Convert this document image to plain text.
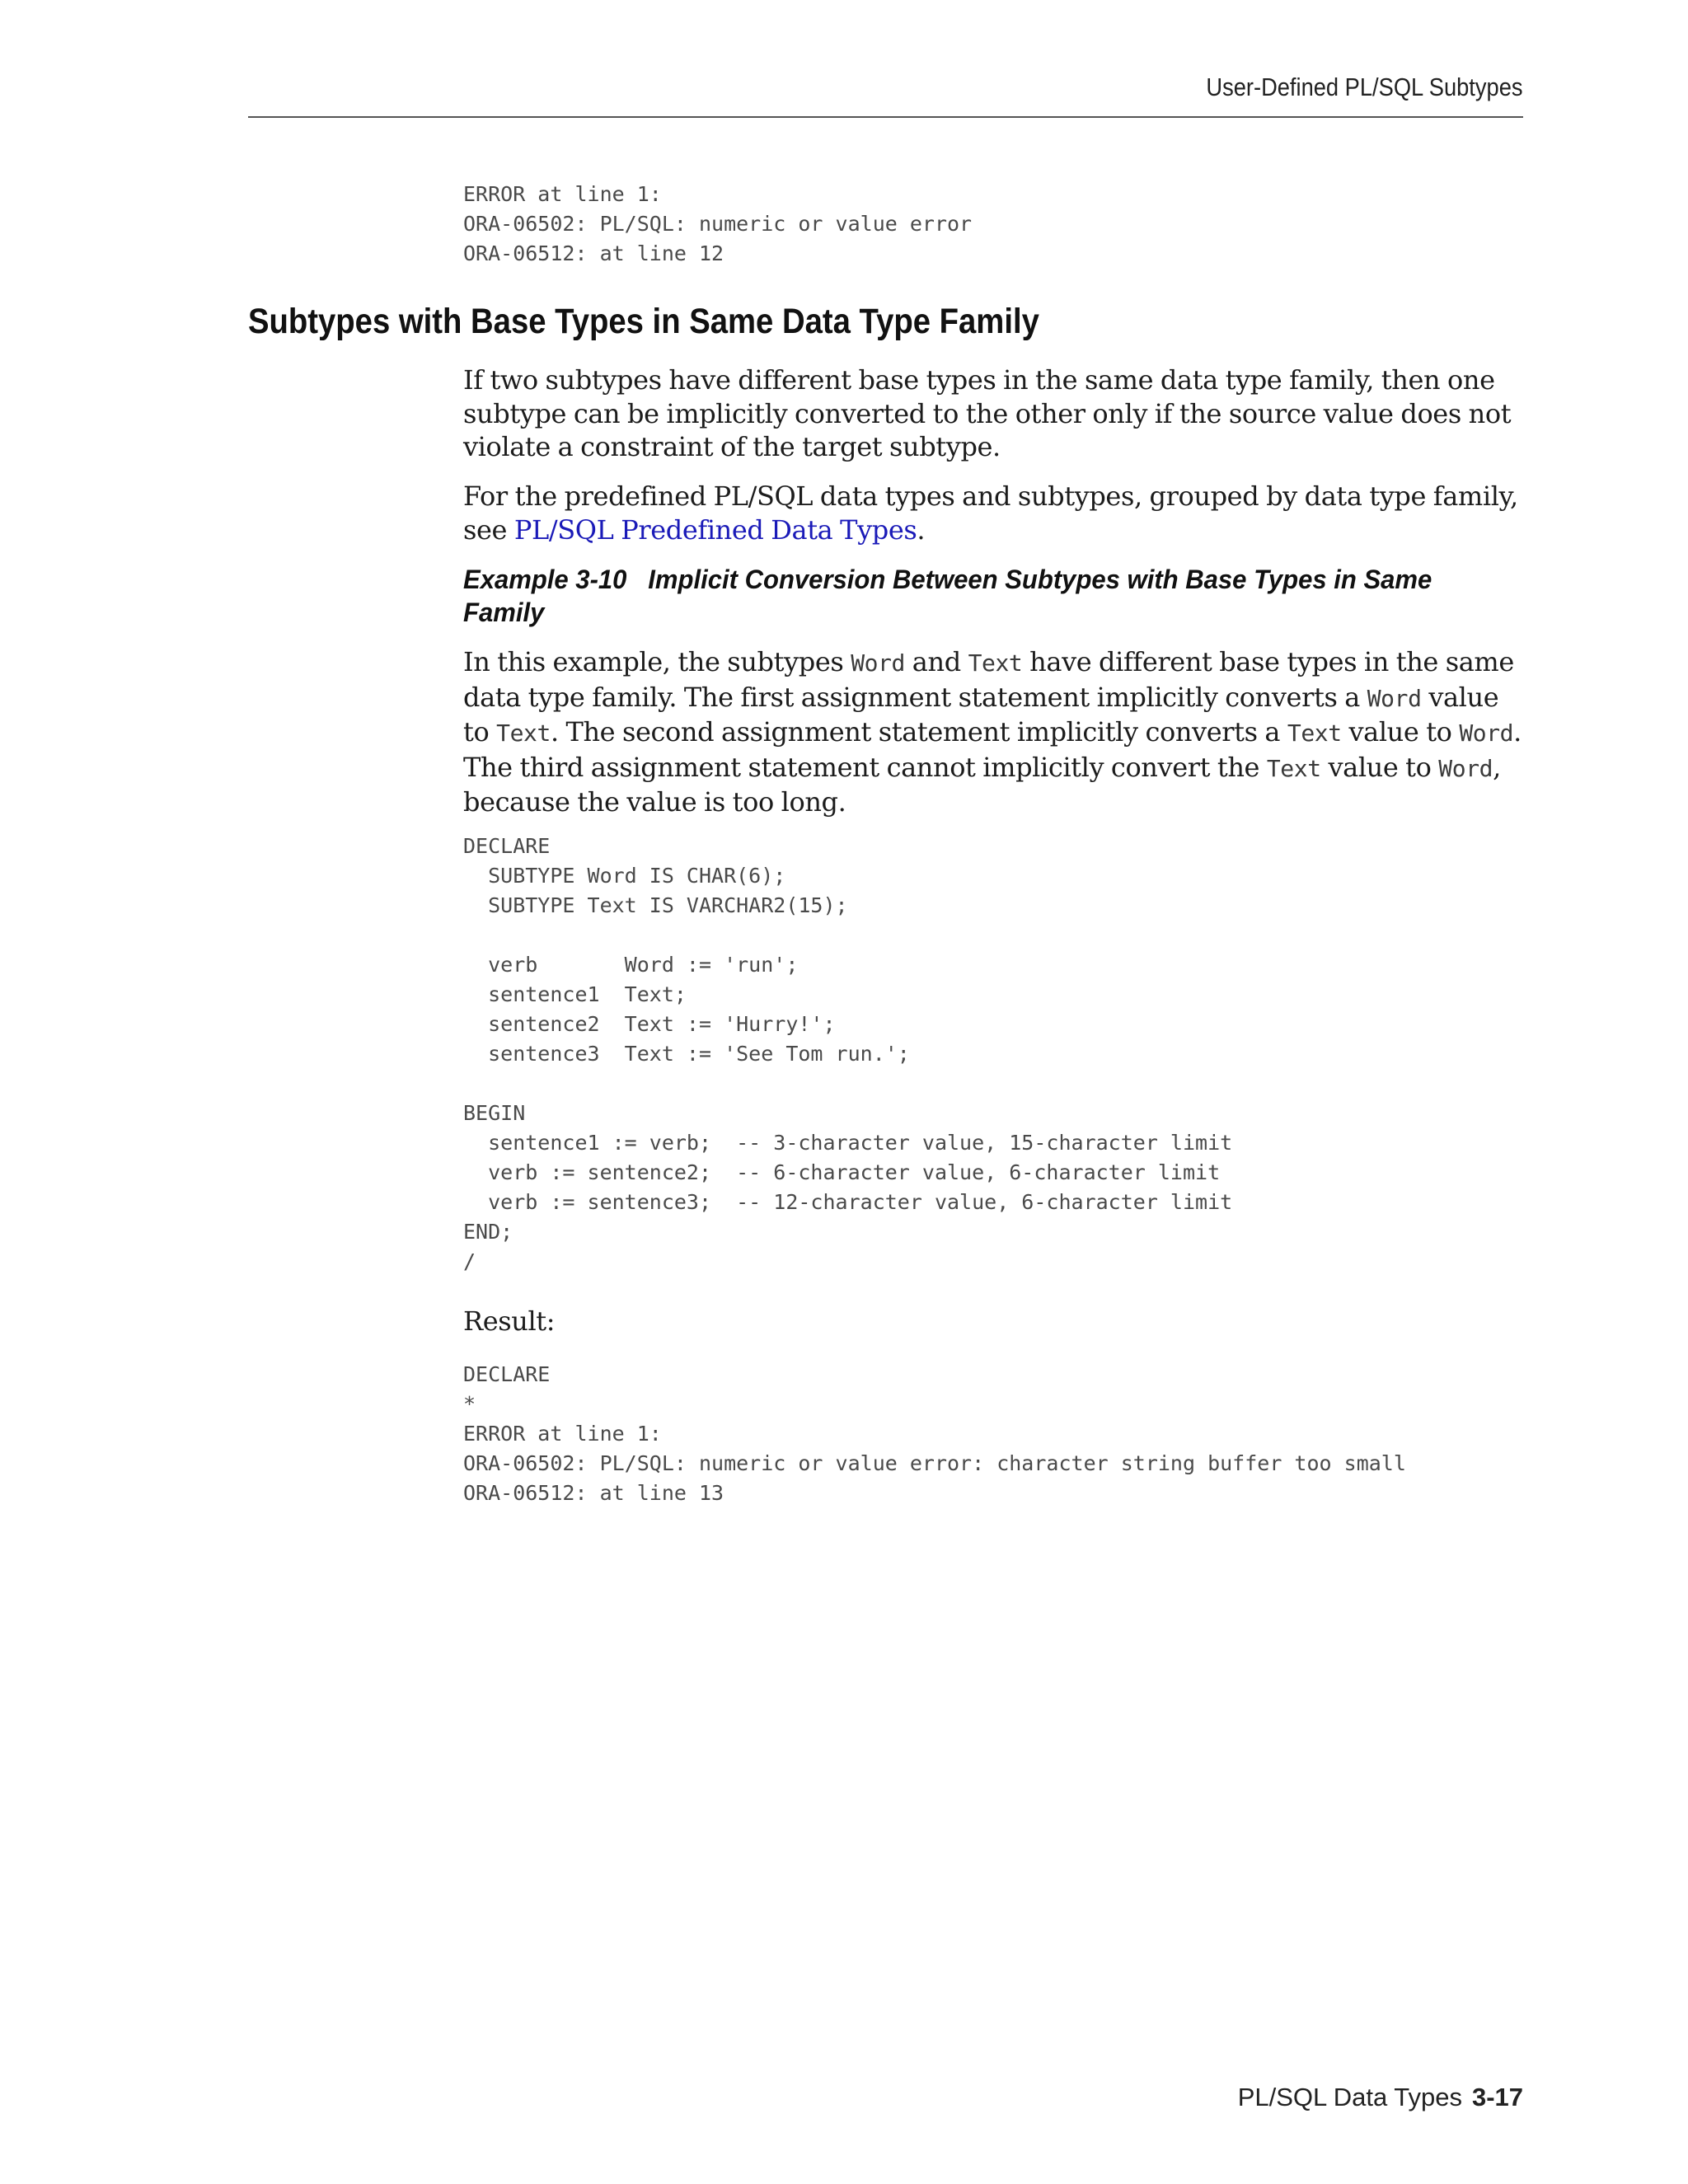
User-Defined PL/SQL Subtypes
ERROR at line 1:
ORA-06502: PL/SQL: numeric or value error
ORA-06512: at line 12
Subtypes with Base Types in Same Data Type Family

If two subtypes have different base types in the same data type family, then one subtype can be implicitly converted to the other only if the source value does not violate a constraint of the target subtype.

For the predefined PL/SQL data types and subtypes, grouped by data type family, see PL/SQL Predefined Data Types.

Example 3-10 Implicit Conversion Between Subtypes with Base Types in Same Family

In this example, the subtypes Word and Text have different base types in the same data type family. The first assignment statement implicitly converts a Word value to Text. The second assignment statement implicitly converts a Text value to Word. The third assignment statement cannot implicitly convert the Text value to Word, because the value is too long.

DECLARE
SUBTYPE Word IS CHAR(6);
SUBTYPE Text IS VARCHAR2(15);

verb       Word := 'run';
sentence1  Text;
sentence2  Text := 'Hurry!';
sentence3  Text := 'See Tom run.';

BEGIN
sentence1 := verb;  -- 3-character value, 15-character limit
verb := sentence2;  -- 6-character value, 6-character limit
verb := sentence3;  -- 12-character value, 6-character limit
END;
/

Result:

DECLARE
*
ERROR at line 1:
ORA-06502: PL/SQL: numeric or value error: character string buffer too small
ORA-06512: at line 13
PL/SQL Data Types 3-17
